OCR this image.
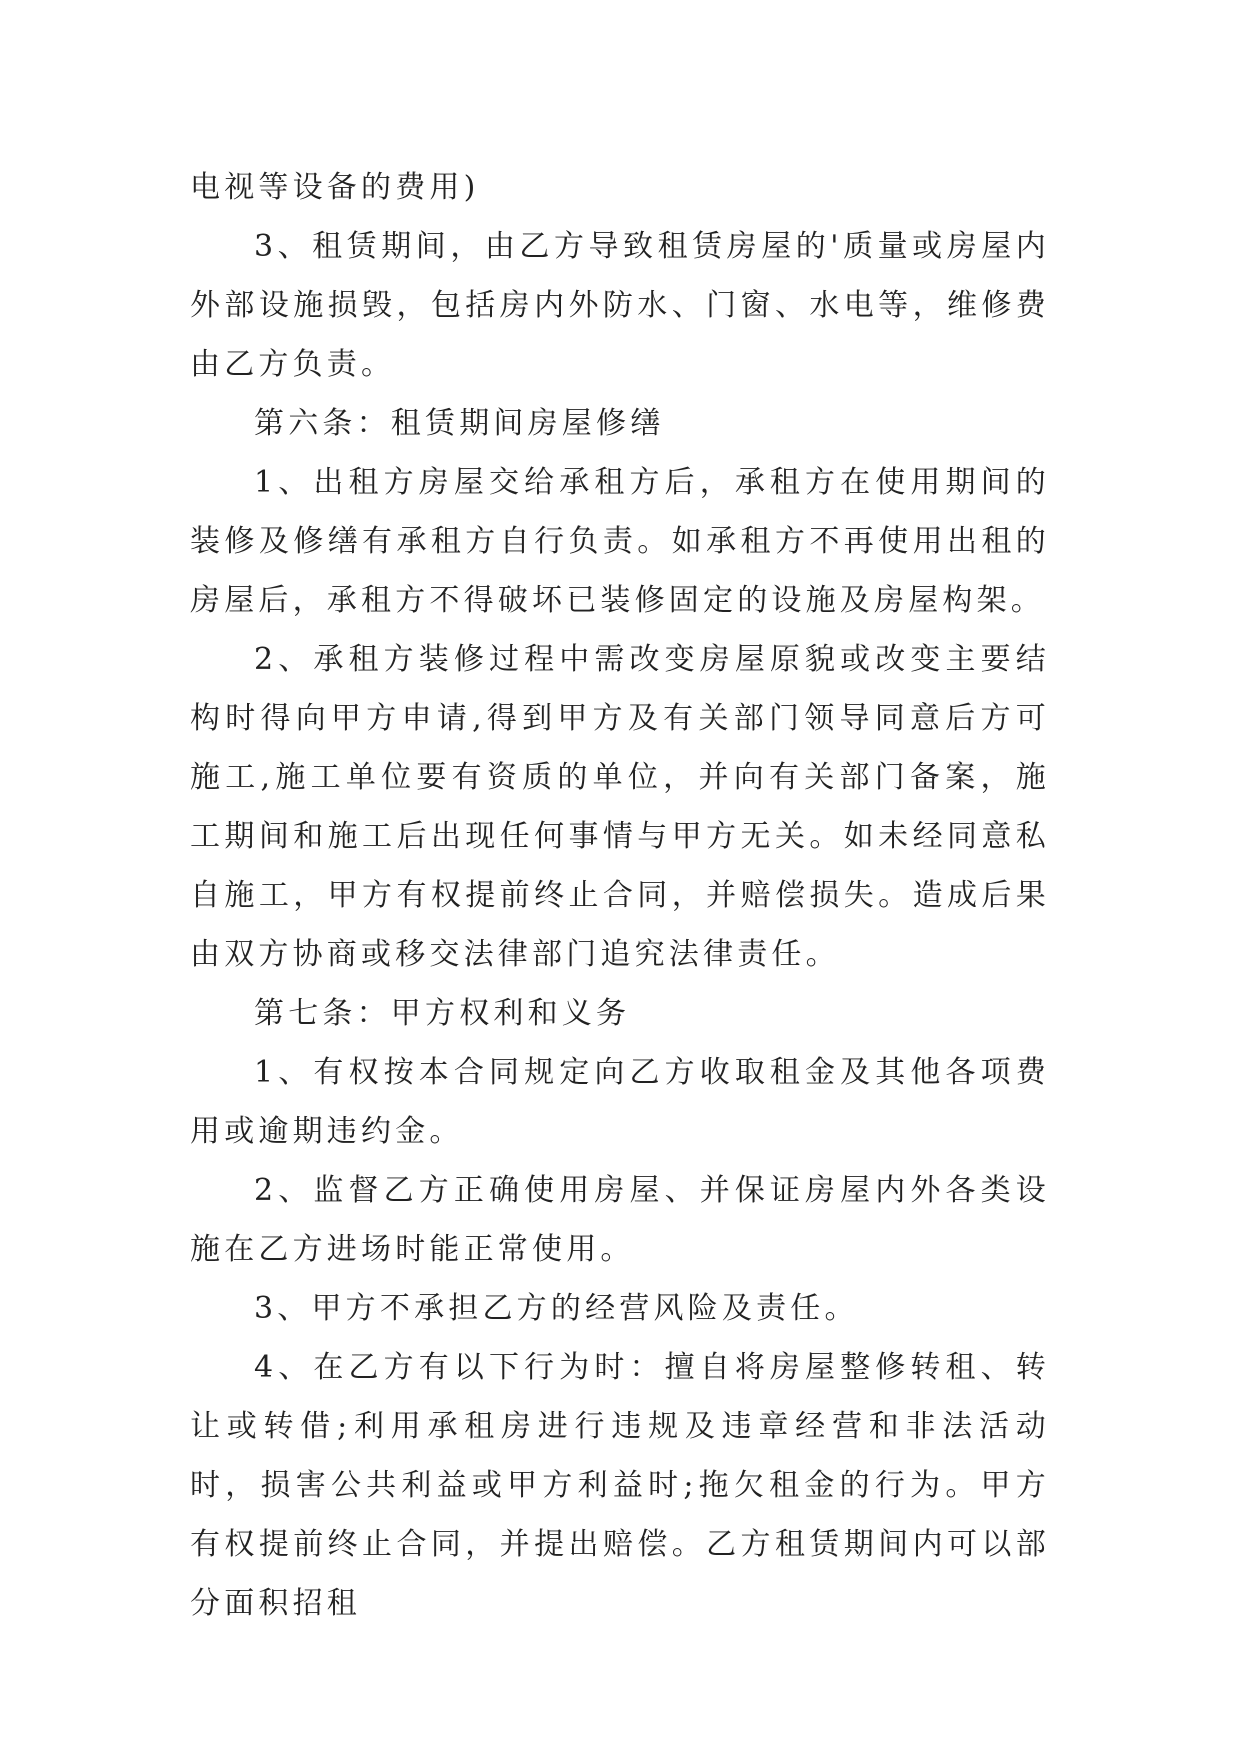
电视等设备的费用)

3、租赁期间，由乙方导致租赁房屋的'质量或房屋内外部设施损毁，包括房内外防水、门窗、水电等，维修费由乙方负责。

第六条：租赁期间房屋修缮

1、出租方房屋交给承租方后，承租方在使用期间的装修及修缮有承租方自行负责。如承租方不再使用出租的房屋后，承租方不得破坏已装修固定的设施及房屋构架。

2、承租方装修过程中需改变房屋原貌或改变主要结构时得向甲方申请,得到甲方及有关部门领导同意后方可施工,施工单位要有资质的单位，并向有关部门备案，施工期间和施工后出现任何事情与甲方无关。如未经同意私自施工，甲方有权提前终止合同，并赔偿损失。造成后果由双方协商或移交法律部门追究法律责任。

第七条：甲方权利和义务

1、有权按本合同规定向乙方收取租金及其他各项费用或逾期违约金。

2、监督乙方正确使用房屋、并保证房屋内外各类设施在乙方进场时能正常使用。

3、甲方不承担乙方的经营风险及责任。

4、在乙方有以下行为时：擅自将房屋整修转租、转让或转借;利用承租房进行违规及违章经营和非法活动时，损害公共利益或甲方利益时;拖欠租金的行为。甲方有权提前终止合同，并提出赔偿。乙方租赁期间内可以部分面积招租
